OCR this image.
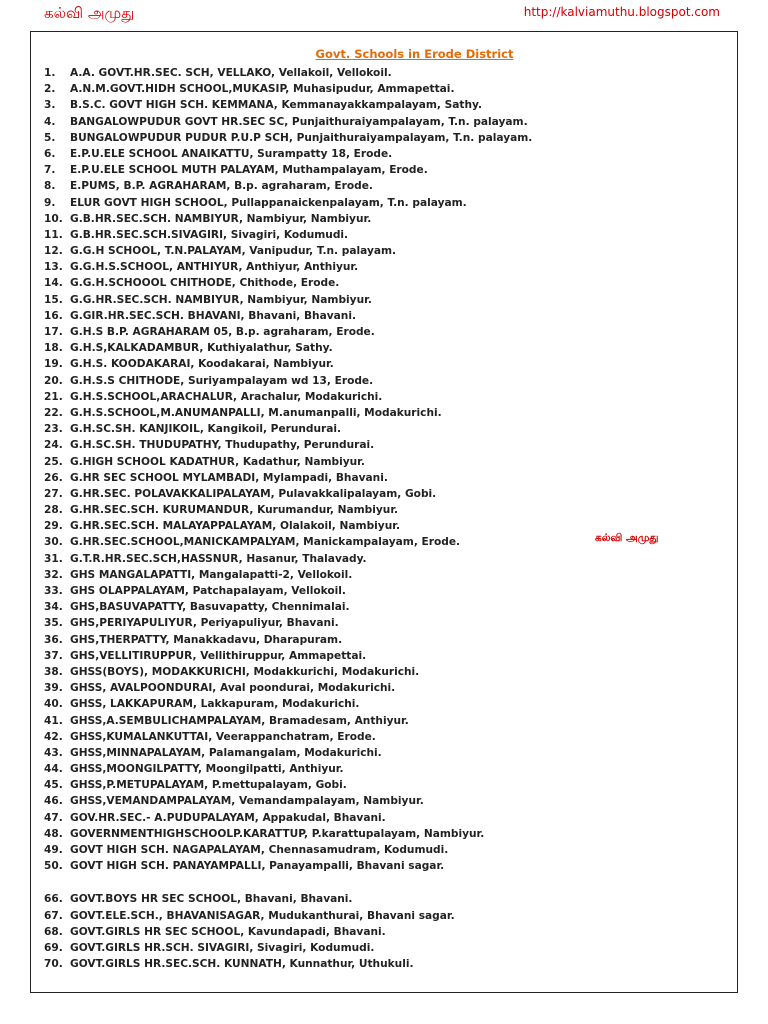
கல்வி அமுது	http://kalviamuthu.blogspot.com
Govt. Schools in Erode District
1. A.A. GOVT.HR.SEC. SCH, VELLAKO, Vellakoil, Vellokoil.
2. A.N.M.GOVT.HIDH SCHOOL,MUKASIP, Muhasipudur, Ammapettai.
3. B.S.C. GOVT HIGH SCH. KEMMANA, Kemmanayakkampalayam, Sathy.
4. BANGALOWPUDUR GOVT HR.SEC SC, Punjaithuraiyampalayam, T.n. palayam.
5. BUNGALOWPUDUR PUDUR P.U.P SCH, Punjaithuraiyampalayam, T.n. palayam.
6. E.P.U.ELE SCHOOL ANAIKATTU, Surampatty 18, Erode.
7. E.P.U.ELE SCHOOL MUTH PALAYAM, Muthampalayam, Erode.
8. E.PUMS, B.P. AGRAHARAM, B.p. agraharam, Erode.
9. ELUR GOVT HIGH SCHOOL, Pullappanaickenpalayam, T.n. palayam.
10. G.B.HR.SEC.SCH. NAMBIYUR, Nambiyur, Nambiyur.
11. G.B.HR.SEC.SCH.SIVAGIRI, Sivagiri, Kodumudi.
12. G.G.H SCHOOL, T.N.PALAYAM, Vanipudur, T.n. palayam.
13. G.G.H.S.SCHOOL, ANTHIYUR, Anthiyur, Anthiyur.
14. G.G.H.SCHOOOL CHITHODE, Chithode, Erode.
15. G.G.HR.SEC.SCH. NAMBIYUR, Nambiyur, Nambiyur.
16. G.GIR.HR.SEC.SCH. BHAVANI, Bhavani, Bhavani.
17. G.H.S B.P. AGRAHARAM 05, B.p. agraharam, Erode.
18. G.H.S,KALKADAMBUR, Kuthiyalathur, Sathy.
19. G.H.S. KOODAKARAI, Koodakarai, Nambiyur.
20. G.H.S.S CHITHODE, Suriyampalayam wd 13, Erode.
21. G.H.S.SCHOOL,ARACHALUR, Arachalur, Modakurichi.
22. G.H.S.SCHOOL,M.ANUMANPALLI, M.anumanpalli, Modakurichi.
23. G.H.SC.SH. KANJIKOIL, Kangikoil, Perundurai.
24. G.H.SC.SH. THUDUPATHY, Thudupathy, Perundurai.
25. G.HIGH SCHOOL KADATHUR, Kadathur, Nambiyur.
26. G.HR SEC SCHOOL MYLAMBADI, Mylampadi, Bhavani.
27. G.HR.SEC. POLAVAKKALIPALAYAM, Pulavakkalipalayam, Gobi.
28. G.HR.SEC.SCH. KURUMANDUR, Kurumandur, Nambiyur.
29. G.HR.SEC.SCH. MALAYAPPALAYAM, Olalakoil, Nambiyur.
30. G.HR.SEC.SCHOOL,MANICKAMPALYAM, Manickampalayam, Erode.
31. G.T.R.HR.SEC.SCH,HASSNUR, Hasanur, Thalavady.
32. GHS MANGALAPATTI, Mangalapatti-2, Vellokoil.
33. GHS OLAPPALAYAM, Patchapalayam, Vellokoil.
34. GHS,BASUVAPATTY, Basuvapatty, Chennimalai.
35. GHS,PERIYAPULIYUR, Periyapuliyur, Bhavani.
36. GHS,THERPATTY, Manakkadavu, Dharapuram.
37. GHS,VELLITIRUPPUR, Vellithiruppur, Ammapettai.
38. GHSS(BOYS), MODAKKURICHI, Modakkurichi, Modakurichi.
39. GHSS, AVALPOONDURAI, Aval poondurai, Modakurichi.
40. GHSS, LAKKAPURAM, Lakkapuram, Modakurichi.
41. GHSS,A.SEMBULICHAMPALAYAM, Bramadesam, Anthiyur.
42. GHSS,KUMALANKUTTAI, Veerappanchatram, Erode.
43. GHSS,MINNAPALAYAM, Palamangalam, Modakurichi.
44. GHSS,MOONGILPATTY, Moongilpatti, Anthiyur.
45. GHSS,P.METUPALAYAM, P.mettupalayam, Gobi.
46. GHSS,VEMANDAMPALAYAM, Vemandampalayam, Nambiyur.
47. GOV.HR.SEC.- A.PUDUPALAYAM, Appakudal, Bhavani.
48. GOVERNMENTHIGHSCHOOLP.KARATTUP, P.karattupalayam, Nambiyur.
49. GOVT HIGH SCH. NAGAPALAYAM, Chennasamudram, Kodumudi.
50. GOVT HIGH SCH. PANAYAMPALLI, Panayampalli, Bhavani sagar.
66. GOVT.BOYS HR SEC SCHOOL, Bhavani, Bhavani.
67. GOVT.ELE.SCH., BHAVANISAGAR, Mudukanthurai, Bhavani sagar.
68. GOVT.GIRLS HR SEC SCHOOL, Kavundapadi, Bhavani.
69. GOVT.GIRLS HR.SCH. SIVAGIRI, Sivagiri, Kodumudi.
70. GOVT.GIRLS HR.SEC.SCH. KUNNATH, Kunnathur, Uthukuli.
கல்வி அமுது
